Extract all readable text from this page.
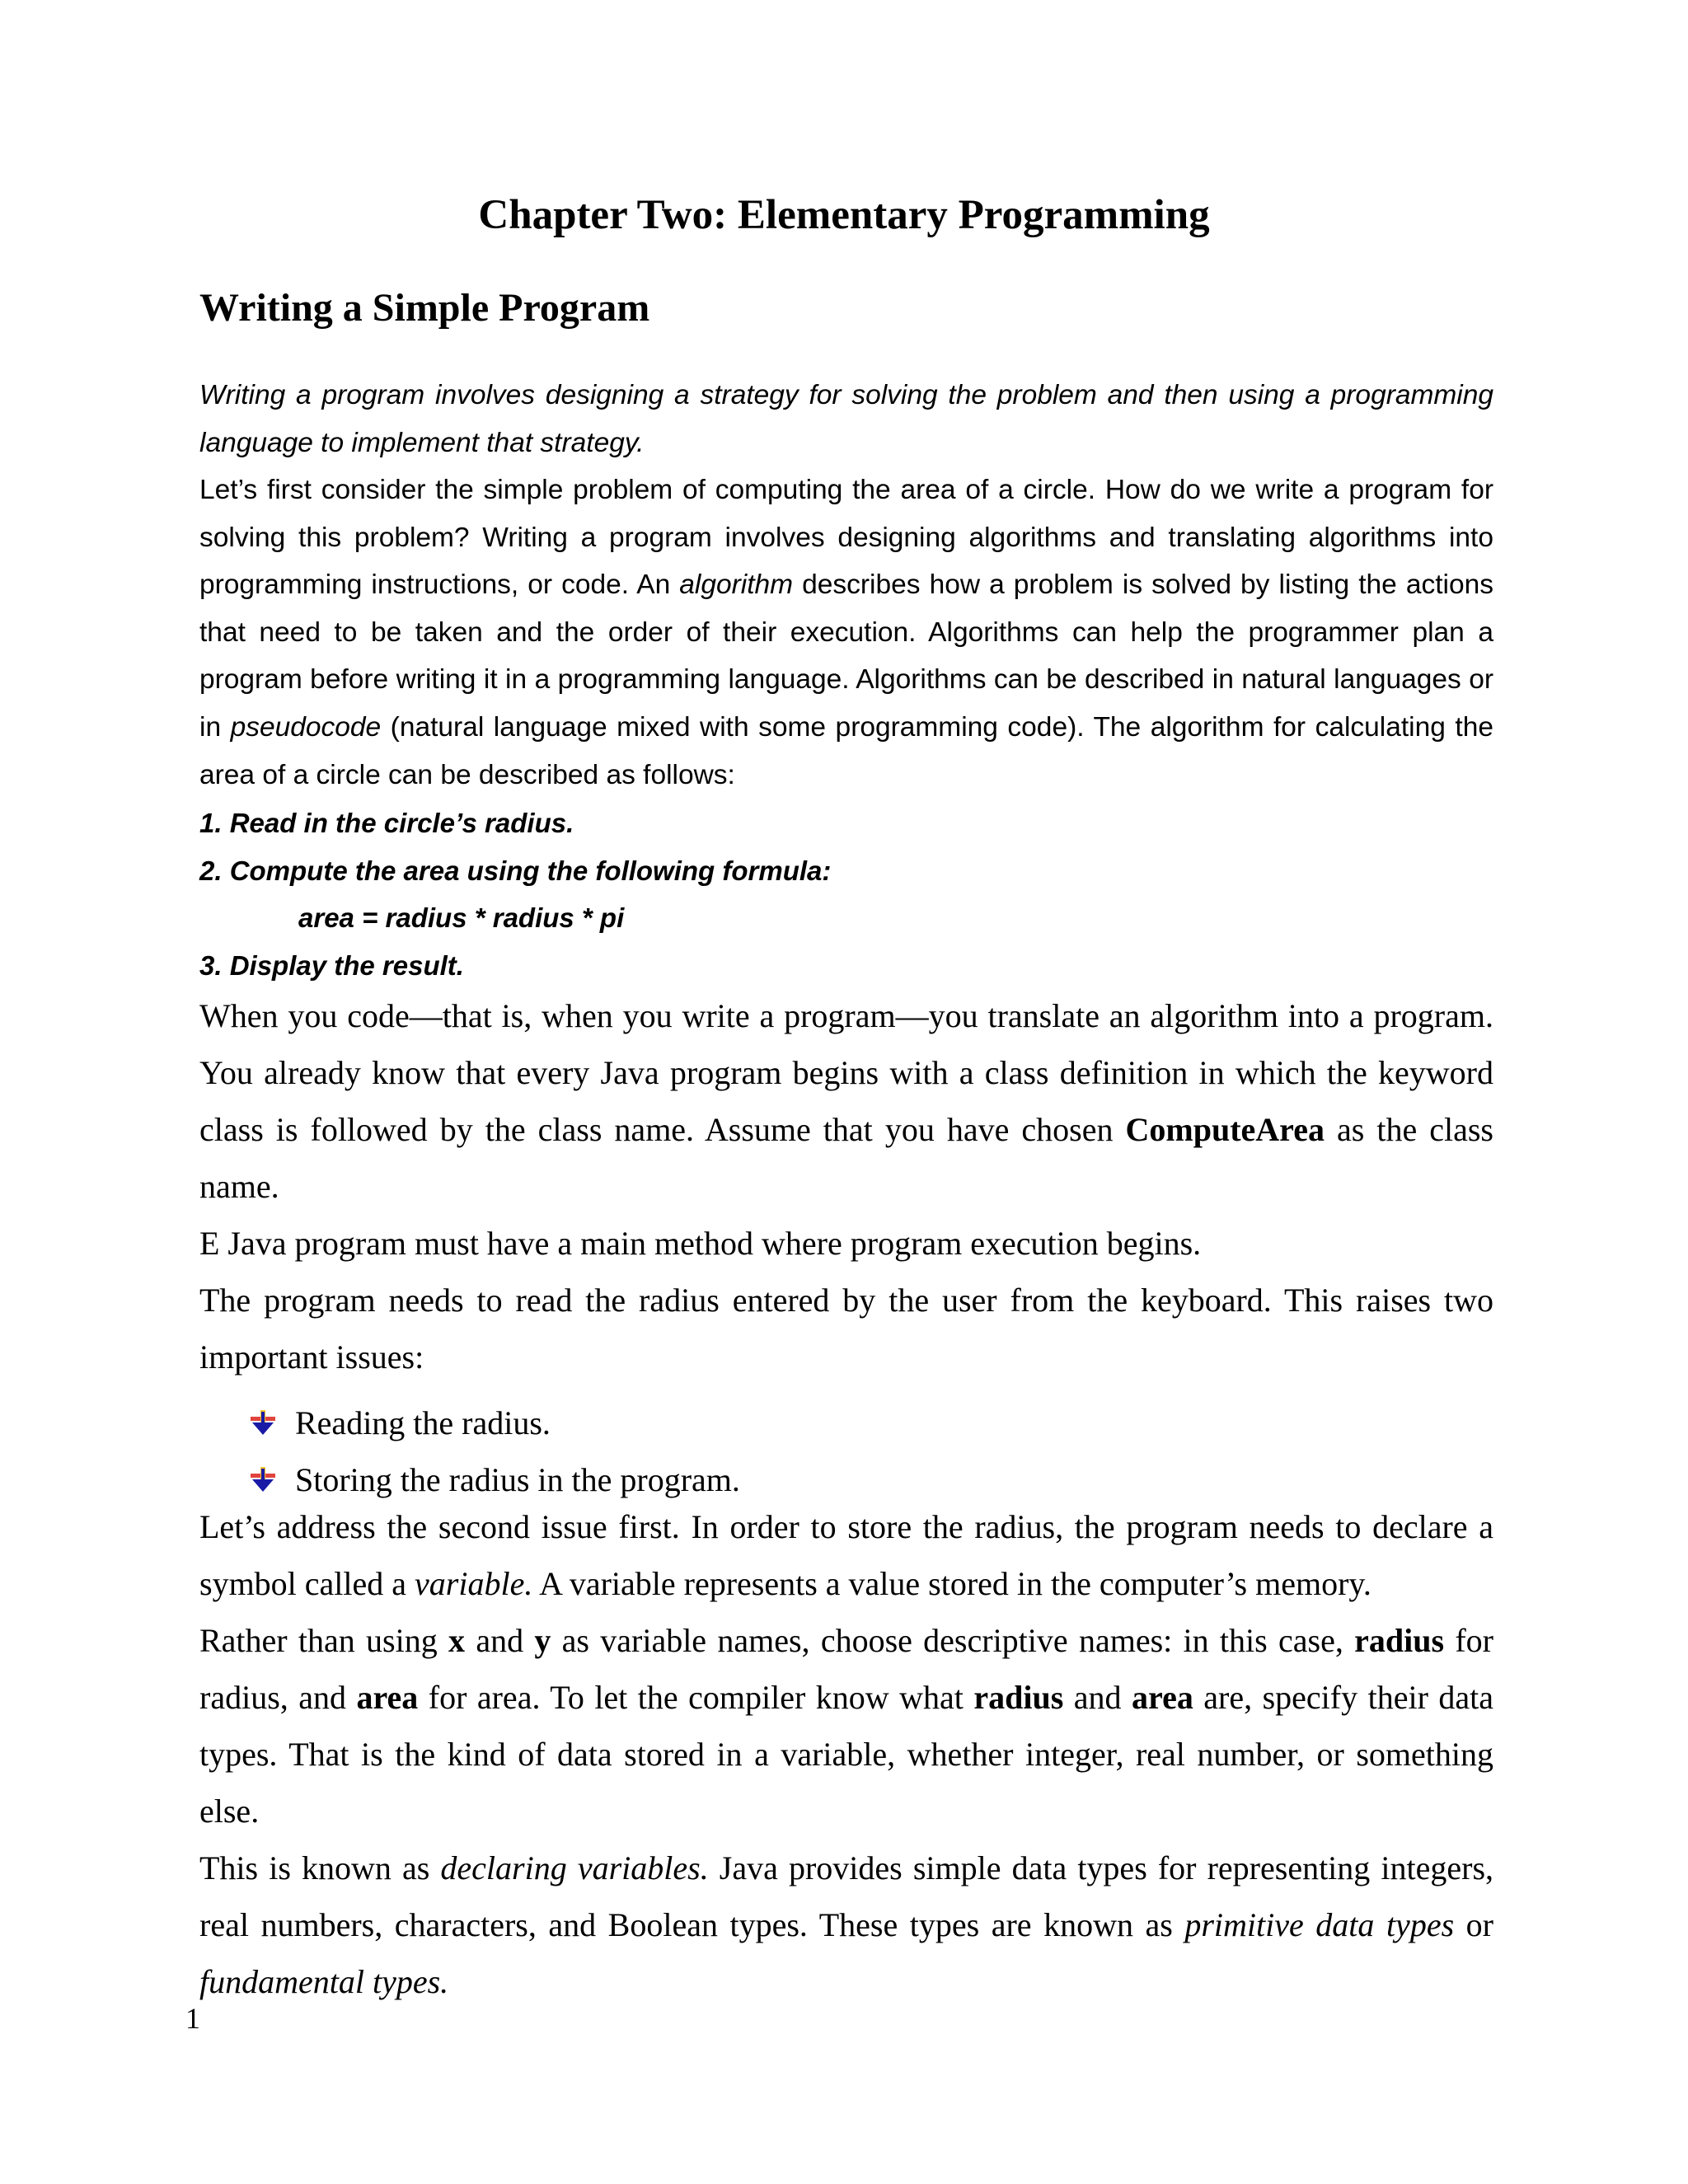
Chapter Two: Elementary Programming
Writing a Simple Program

Writing a program involves designing a strategy for solving the problem and then using a programming language to implement that strategy.

Let’s first consider the simple problem of computing the area of a circle. How do we write a program for solving this problem? Writing a program involves designing algorithms and translating algorithms into programming instructions, or code. An algorithm describes how a problem is solved by listing the actions that need to be taken and the order of their execution. Algorithms can help the programmer plan a program before writing it in a programming language. Algorithms can be described in natural languages or in pseudocode (natural language mixed with some programming code). The algorithm for calculating the area of a circle can be described as follows:

1. Read in the circle’s radius.

2. Compute the area using the following formula:

area = radius * radius * pi

3. Display the result.

When you code—that is, when you write a program—you translate an algorithm into a program.
You already know that every Java program begins with a class definition in which the keyword
class is followed by the class name. Assume that you have chosen ComputeArea as the class
name.
E Java program must have a main method where program execution begins.
The program needs to read the radius entered by the user from the keyboard. This raises two
important issues:
Reading the radius.
Storing the radius in the program.
Let’s address the second issue first. In order to store the radius, the program needs to declare a
symbol called a variable. A variable represents a value stored in the computer’s memory.
Rather than using x and y as variable names, choose descriptive names: in this case, radius for
radius, and area for area. To let the compiler know what radius and area are, specify their data
types. That is the kind of data stored in a variable, whether integer, real number, or something else.
This is known as declaring variables. Java provides simple data types for representing integers,
real numbers, characters, and Boolean types. These types are known as primitive data types or
fundamental types.

1
